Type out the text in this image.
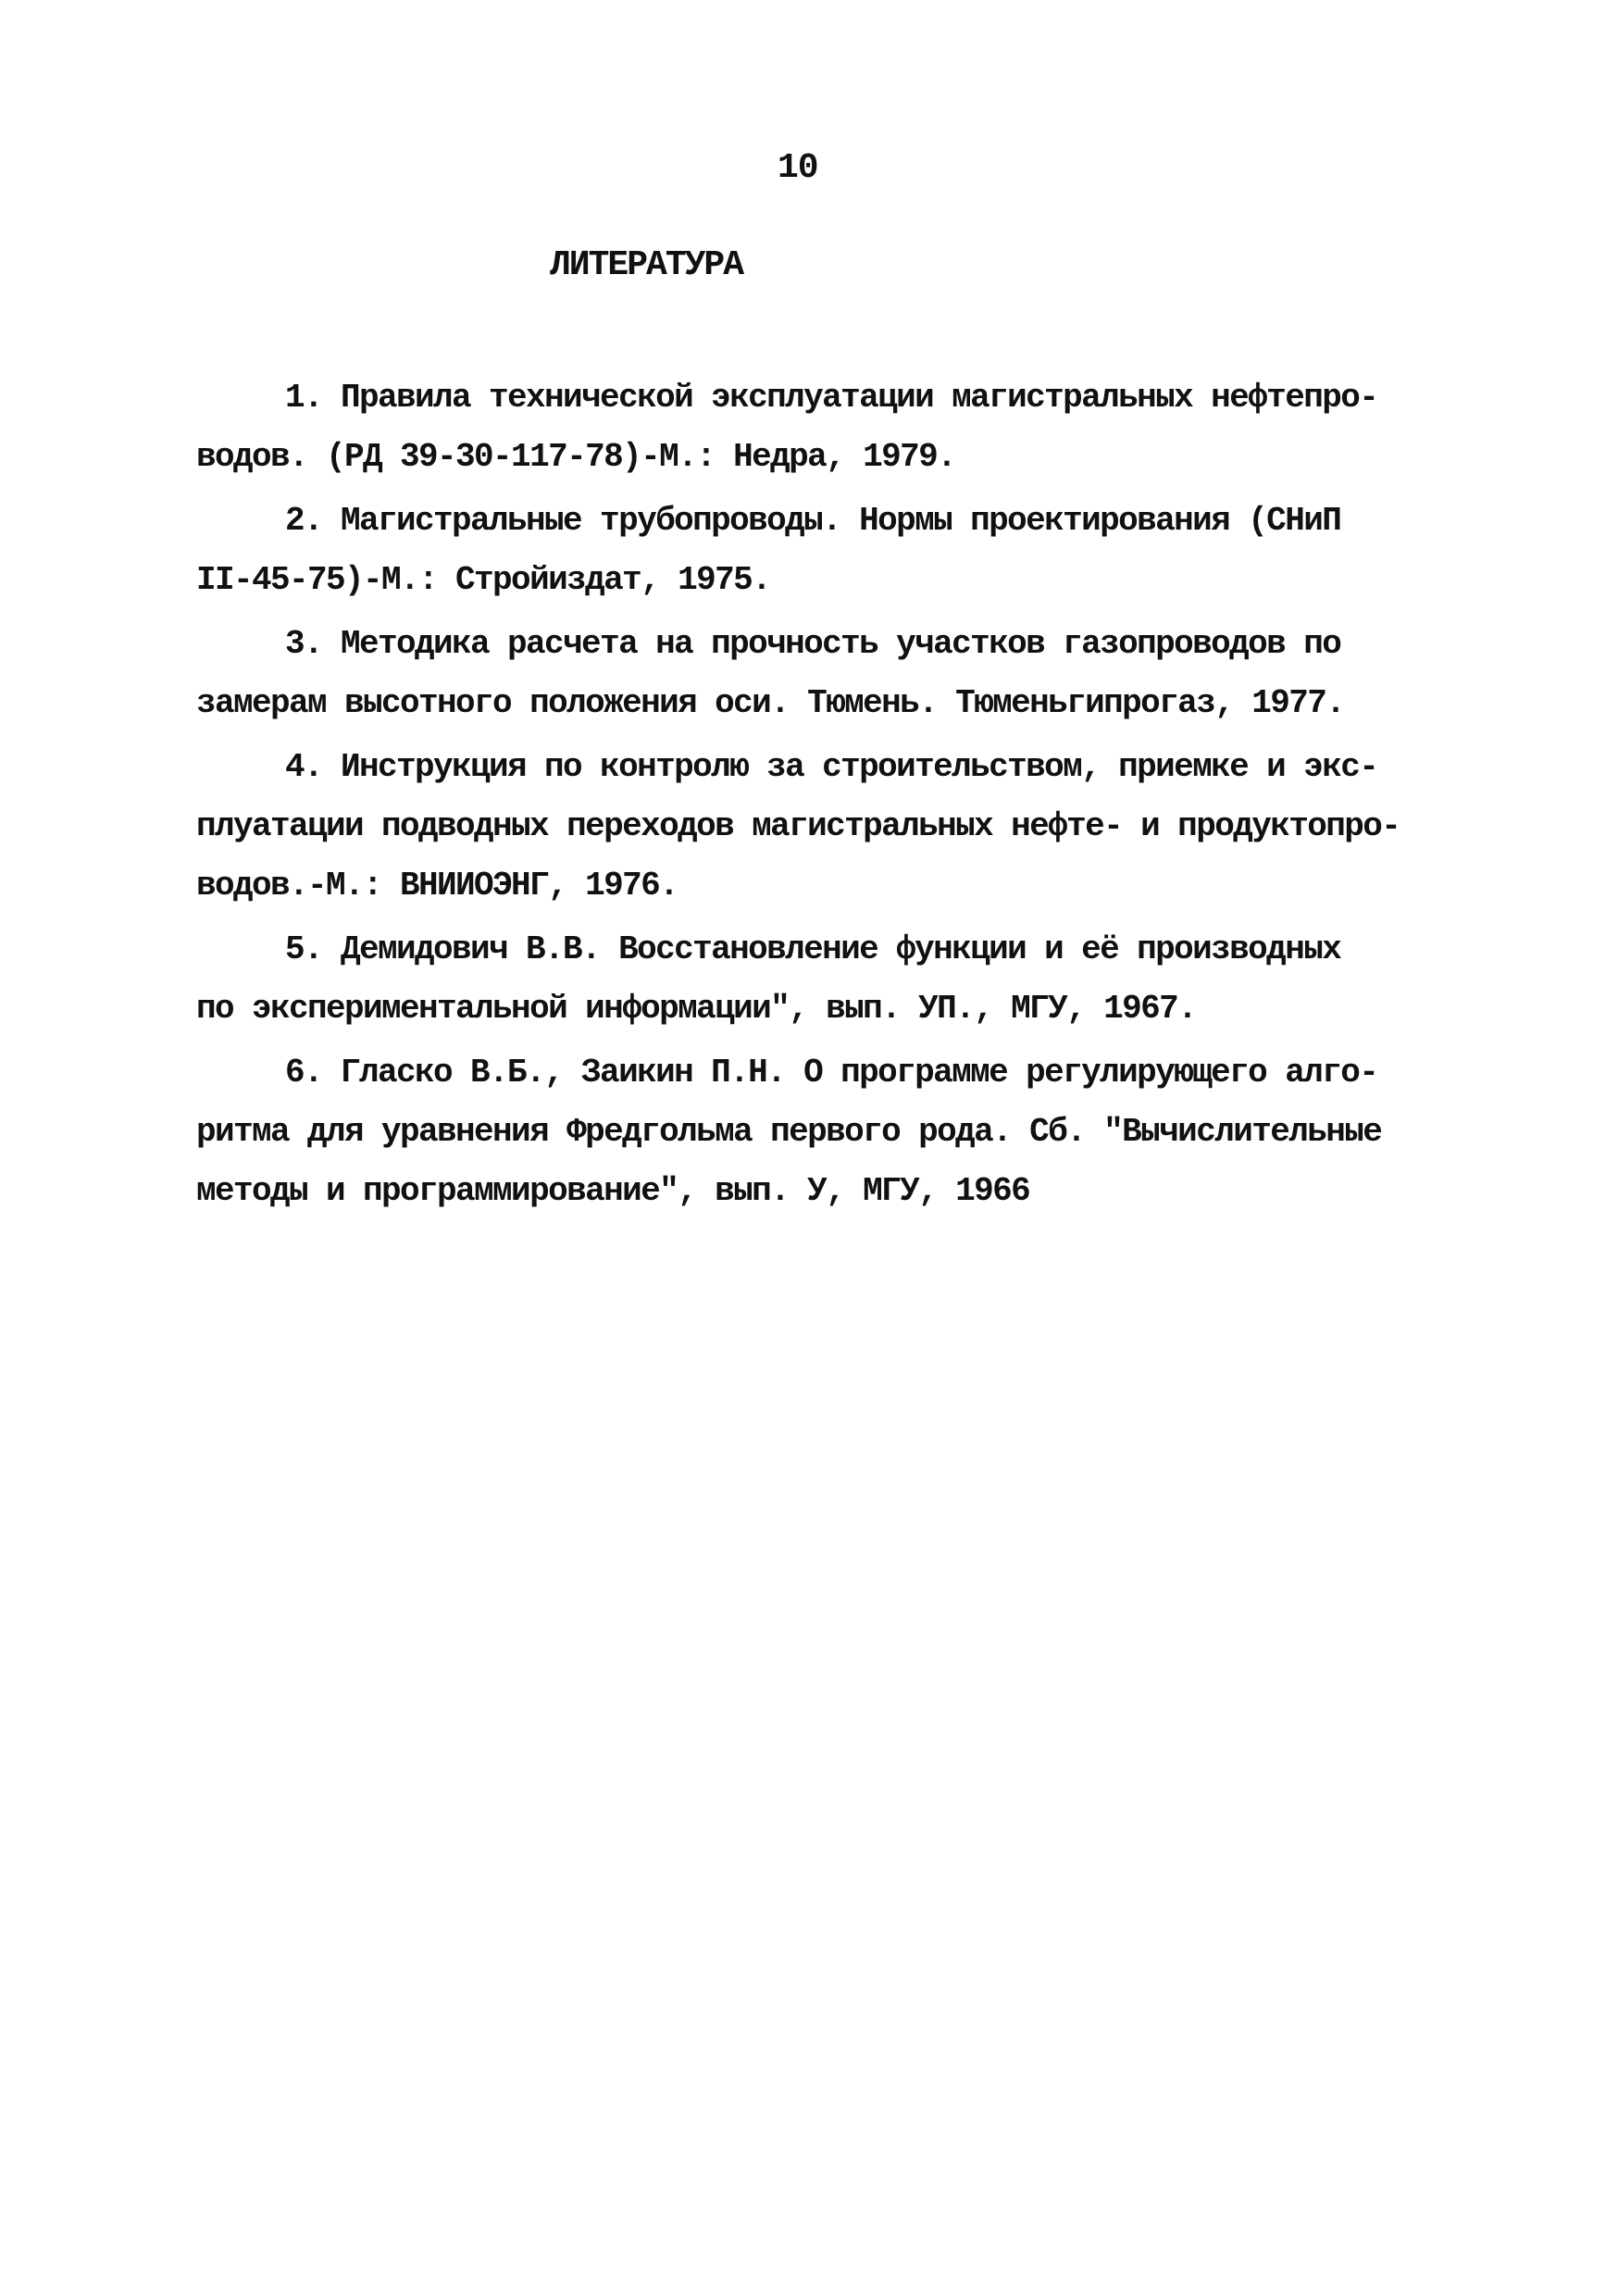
10
ЛИТЕРАТУРА
1. Правила технической эксплуатации магистральных нефтепро-
водов. (РД 39-30-117-78)-М.: Недра, 1979.
2. Магистральные трубопроводы. Нормы проектирования (СНиП
II-45-75)-М.: Стройиздат, 1975.
3. Методика расчета на прочность участков газопроводов по
замерам высотного положения оси. Тюмень. Тюменьгипрогаз, 1977.
4. Инструкция по контролю за строительством, приемке и экс-
плуатации подводных переходов магистральных нефте- и продуктопро-
водов.-М.: ВНИИОЭНГ, 1976.
5. Демидович В.В. Восстановление функции и её производных
по экспериментальной информации", вып. УП., МГУ, 1967.
6. Гласко В.Б., Заикин П.Н. О программе регулирующего алго-
ритма для уравнения Фредгольма первого рода. Сб. "Вычислительные
методы и программирование", вып. У, МГУ, 1966
